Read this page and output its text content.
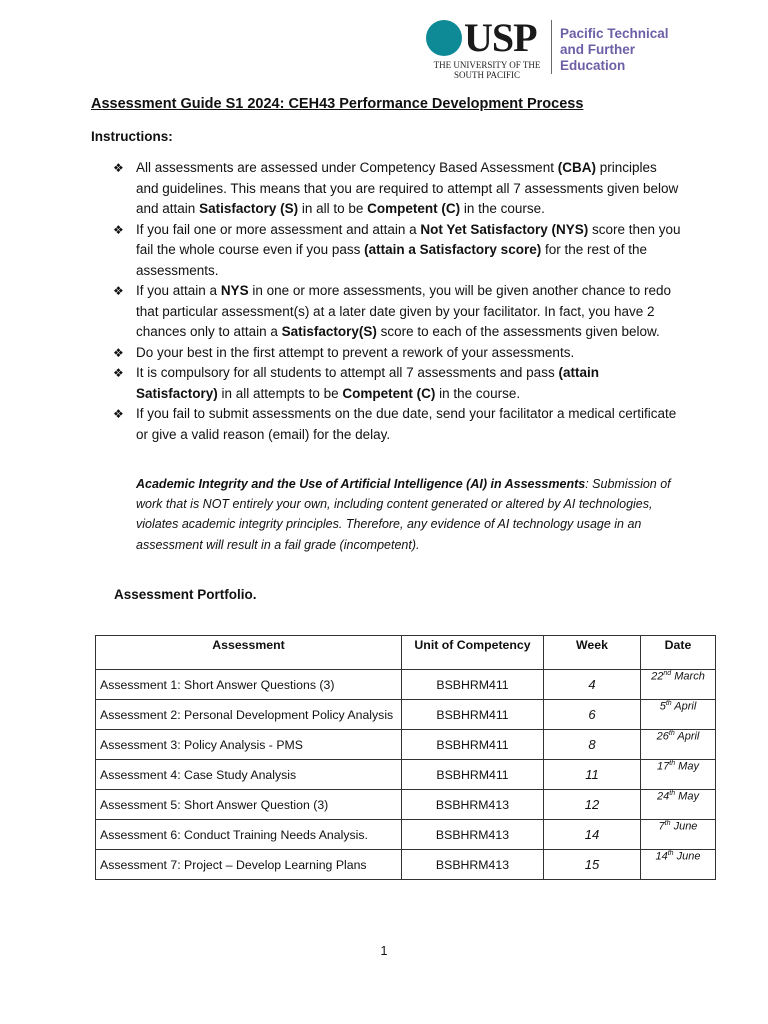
USP
THE UNIVERSITY OF THE
SOUTH PACIFIC
Pacific Technical
and Further
Education
Assessment Guide S1 2024: CEH43 Performance Development Process
Instructions:
❖ All assessments are assessed under Competency Based Assessment (CBA) principles and guidelines. This means that you are required to attempt all 7 assessments given below and attain Satisfactory (S) in all to be Competent (C) in the course.
❖ If you fail one or more assessment and attain a Not Yet Satisfactory (NYS) score then you fail the whole course even if you pass (attain a Satisfactory score) for the rest of the assessments.
❖ If you attain a NYS in one or more assessments, you will be given another chance to redo that particular assessment(s) at a later date given by your facilitator. In fact, you have 2 chances only to attain a Satisfactory(S) score to each of the assessments given below.
❖ Do your best in the first attempt to prevent a rework of your assessments.
❖ It is compulsory for all students to attempt all 7 assessments and pass (attain Satisfactory) in all attempts to be Competent (C) in the course.
❖ If you fail to submit assessments on the due date, send your facilitator a medical certificate or give a valid reason (email) for the delay.
Academic Integrity and the Use of Artificial Intelligence (AI) in Assessments: Submission of work that is NOT entirely your own, including content generated or altered by AI technologies, violates academic integrity principles. Therefore, any evidence of AI technology usage in an assessment will result in a fail grade (incompetent).
Assessment Portfolio.
Assessment	Unit of Competency	Week	Date
Assessment 1: Short Answer Questions (3)	BSBHRM411	4	22nd March
Assessment 2: Personal Development Policy Analysis	BSBHRM411	6	5th April
Assessment 3: Policy Analysis - PMS	BSBHRM411	8	26th April
Assessment 4: Case Study Analysis	BSBHRM411	11	17th May
Assessment 5: Short Answer Question (3)	BSBHRM413	12	24th May
Assessment 6: Conduct Training Needs Analysis.	BSBHRM413	14	7th June
Assessment 7: Project – Develop Learning Plans	BSBHRM413	15	14th June
1
